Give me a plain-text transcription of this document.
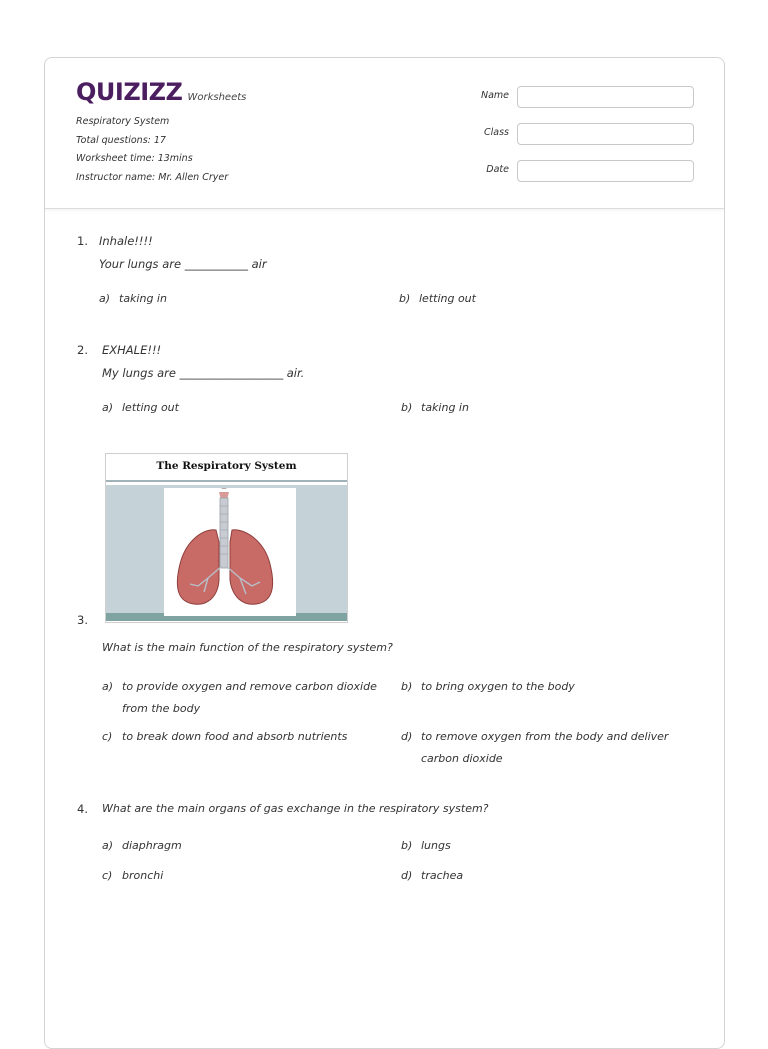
QUIZIZZ Worksheets
Respiratory System
Total questions: 17
Worksheet time: 13mins
Instructor name: Mr. Allen Cryer
Name
Class
Date
1. Inhale!!!!
Your lungs are ___________ air
a) taking in	b) letting out
2. EXHALE!!!
My lungs are __________________ air.
a) letting out	b) taking in
The Respiratory System
3.
What is the main function of the respiratory system?
a) to provide oxygen and remove carbon dioxide
from the body
b) to bring oxygen to the body
c) to break down food and absorb nutrients	d) to remove oxygen from the body and deliver
carbon dioxide
4. What are the main organs of gas exchange in the respiratory system?
a) diaphragm	b) lungs
c) bronchi	d) trachea
